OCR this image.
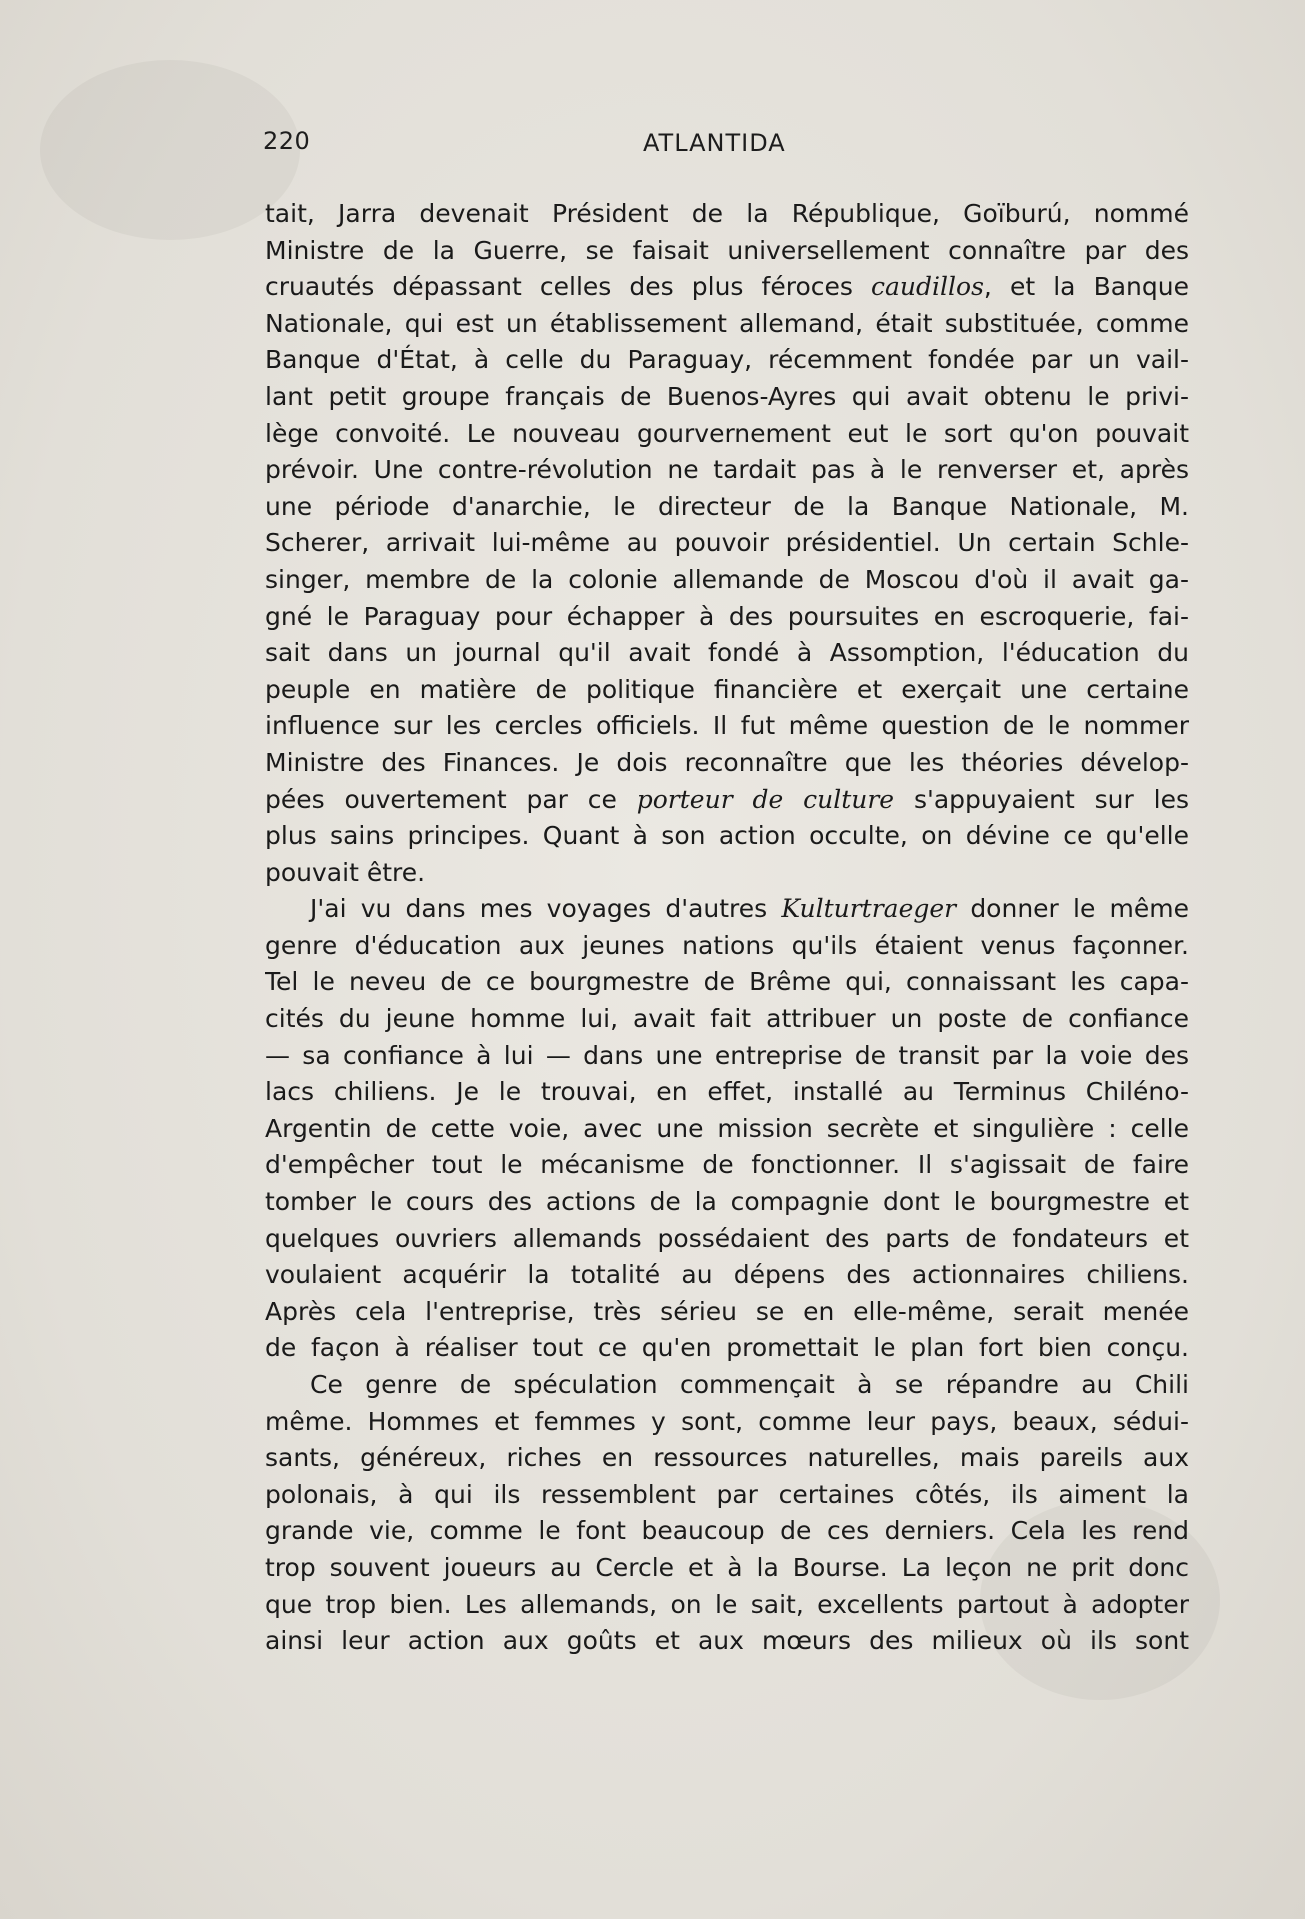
220	ATLANTIDA
tait, Jarra devenait Président de la République, Goïburú, nommé
Ministre de la Guerre, se faisait universellement connaître par des
cruautés dépassant celles des plus féroces caudillos, et la Banque
Nationale, qui est un établissement allemand, était substituée, comme
Banque d'État, à celle du Paraguay, récemment fondée par un vail-
lant petit groupe français de Buenos-Ayres qui avait obtenu le privi-
lège convoité. Le nouveau gourvernement eut le sort qu'on pouvait
prévoir. Une contre-révolution ne tardait pas à le renverser et, après
une période d'anarchie, le directeur de la Banque Nationale, M.
Scherer, arrivait lui-même au pouvoir présidentiel. Un certain Schle-
singer, membre de la colonie allemande de Moscou d'où il avait ga-
gné le Paraguay pour échapper à des poursuites en escroquerie, fai-
sait dans un journal qu'il avait fondé à Assomption, l'éducation du
peuple en matière de politique financière et exerçait une certaine
influence sur les cercles officiels. Il fut même question de le nommer
Ministre des Finances. Je dois reconnaître que les théories dévelop-
pées ouvertement par ce porteur de culture s'appuyaient sur les
plus sains principes. Quant à son action occulte, on dévine ce qu'elle
pouvait être.
J'ai vu dans mes voyages d'autres Kulturtraeger donner le même
genre d'éducation aux jeunes nations qu'ils étaient venus façonner.
Tel le neveu de ce bourgmestre de Brême qui, connaissant les capa-
cités du jeune homme lui, avait fait attribuer un poste de confiance
— sa confiance à lui — dans une entreprise de transit par la voie des
lacs chiliens. Je le trouvai, en effet, installé au Terminus Chiléno-
Argentin de cette voie, avec une mission secrète et singulière : celle
d'empêcher tout le mécanisme de fonctionner. Il s'agissait de faire
tomber le cours des actions de la compagnie dont le bourgmestre et
quelques ouvriers allemands possédaient des parts de fondateurs et
voulaient acquérir la totalité au dépens des actionnaires chiliens.
Après cela l'entreprise, très sérieu se en elle-même, serait menée
de façon à réaliser tout ce qu'en promettait le plan fort bien conçu.
Ce genre de spéculation commençait à se répandre au Chili
même. Hommes et femmes y sont, comme leur pays, beaux, sédui-
sants, généreux, riches en ressources naturelles, mais pareils aux
polonais, à qui ils ressemblent par certaines côtés, ils aiment la
grande vie, comme le font beaucoup de ces derniers. Cela les rend
trop souvent joueurs au Cercle et à la Bourse. La leçon ne prit donc
que trop bien. Les allemands, on le sait, excellents partout à adopter
ainsi leur action aux goûts et aux mœurs des milieux où ils sont
